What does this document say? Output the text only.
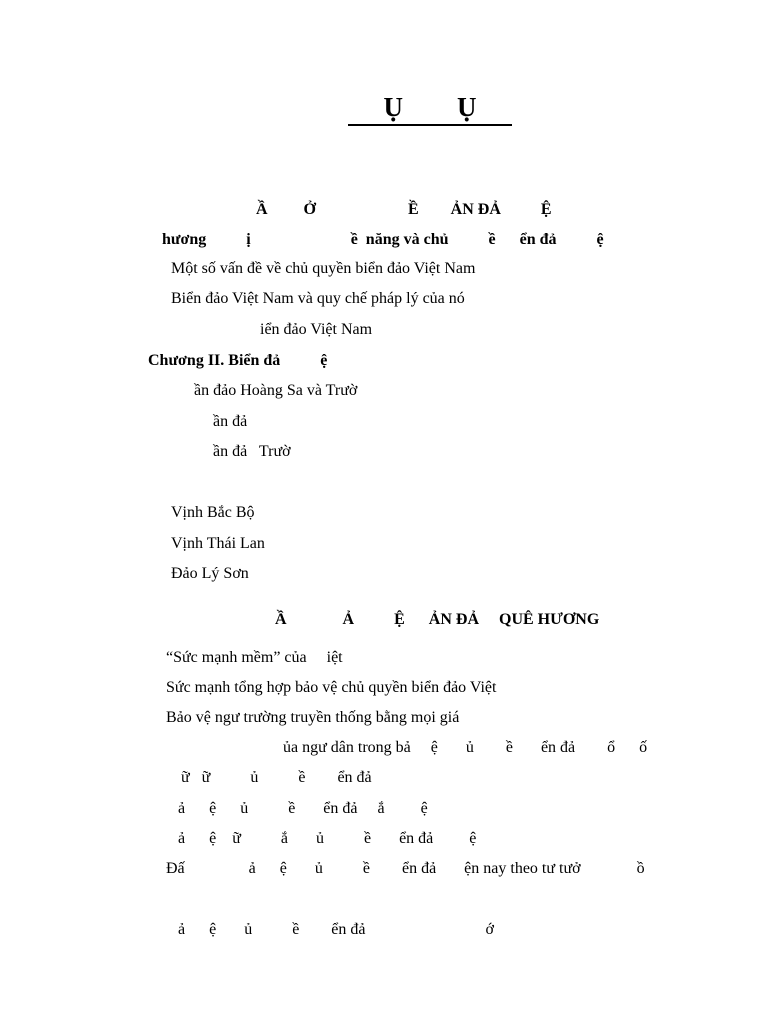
Ụ        Ụ
Ầ         Ở                       Ề        ẢN ĐẢ          Ệ
hương          ị                         ề  năng và chủ          ề      ển đả          ệ
Một số vấn đề về chủ quyền biển đảo Việt Nam
Biển đảo Việt Nam và quy chế pháp lý của nó
iển đảo Việt Nam
Chương II. Biển đả          ệ
ần đảo Hoàng Sa và Trườ
ần đả
ần đả   Trườ
Vịnh Bắc Bộ
Vịnh Thái Lan
Đảo Lý Sơn
Ầ              Ả          Ệ      ẢN ĐẢ     QUÊ HƯƠNG
“Sức mạnh mềm” của     iệt
Sức mạnh tổng hợp bảo vệ chủ quyền biển đảo Việt
Bảo vệ ngư trường truyền thống bằng mọi giá
ủa ngư dân trong bả     ệ       ủ        ề       ển đả        ổ      ố
ữ   ữ          ủ          ề        ển đả
ả      ệ      ủ          ề       ển đả     ắ         ệ
ả      ệ    ữ          ắ       ủ          ề       ển đả         ệ
Đấ                ả      ệ       ủ          ề        ển đả       ện nay theo tư tưở              ồ
ả      ệ       ủ          ề        ển đả                              ớ
